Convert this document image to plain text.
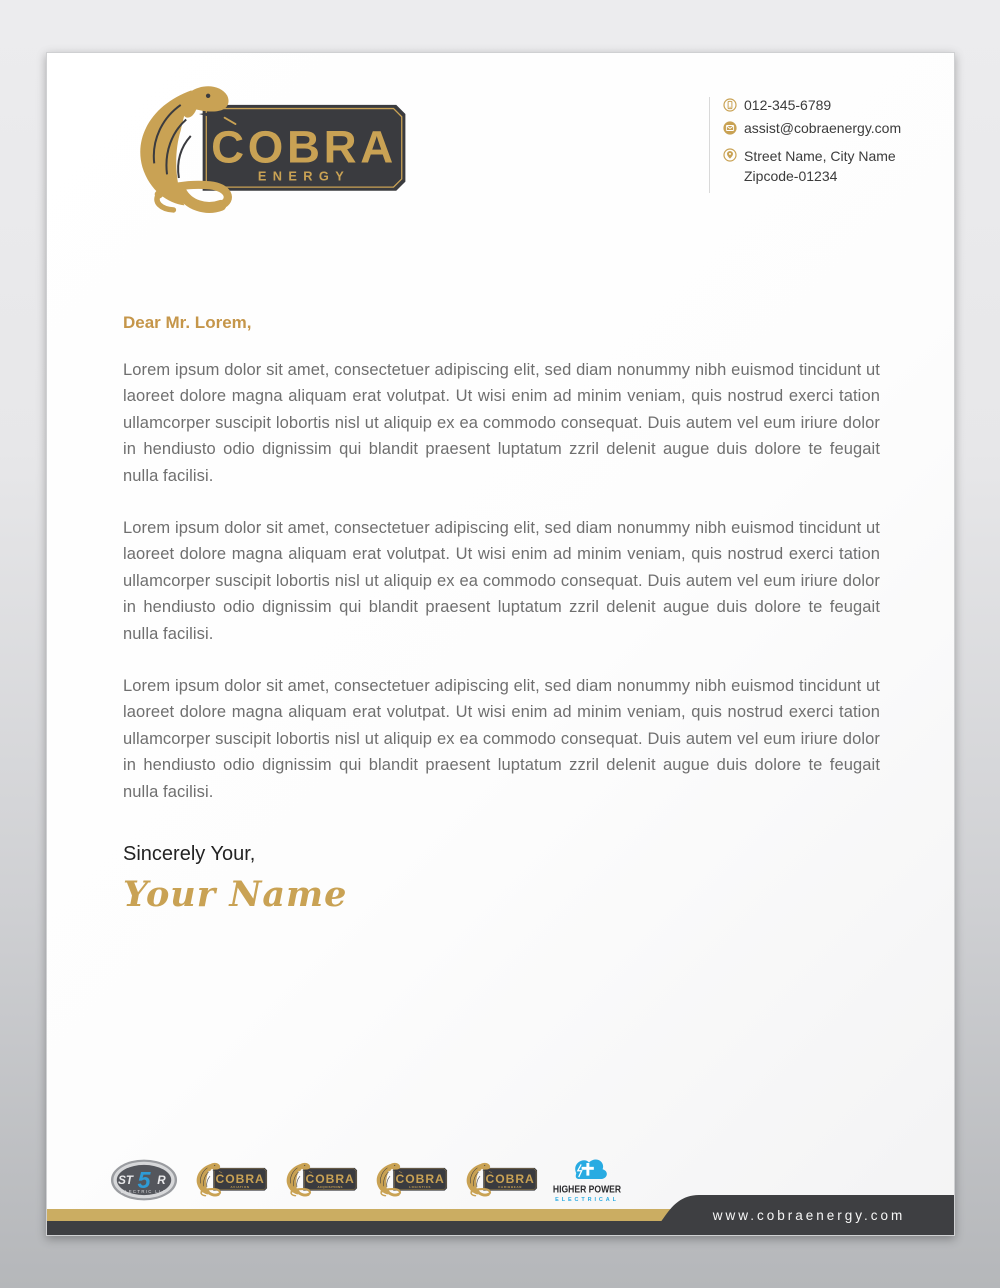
ENERGY
012-345-6789
assist@cobraenergy.com
Street Name, City Name
Zipcode-01234

Dear Mr. Lorem,

Lorem ipsum dolor sit amet, consectetuer adipiscing elit, sed diam nonummy nibh euismod tincidunt ut laoreet dolore magna aliquam erat volutpat. Ut wisi enim ad minim veniam, quis nostrud exerci tation ullamcorper suscipit lobortis nisl ut aliquip ex ea commodo consequat. Duis autem vel eum iriure dolor in hendiusto odio dignissim qui blandit praesent luptatum zzril delenit augue duis dolore te feugait nulla facilisi.

Lorem ipsum dolor sit amet, consectetuer adipiscing elit, sed diam nonummy nibh euismod tincidunt ut laoreet dolore magna aliquam erat volutpat. Ut wisi enim ad minim veniam, quis nostrud exerci tation ullamcorper suscipit lobortis nisl ut aliquip ex ea commodo consequat. Duis autem vel eum iriure dolor in hendiusto odio dignissim qui blandit praesent luptatum zzril delenit augue duis dolore te feugait nulla facilisi.

Lorem ipsum dolor sit amet, consectetuer adipiscing elit, sed diam nonummy nibh euismod tincidunt ut laoreet dolore magna aliquam erat volutpat. Ut wisi enim ad minim veniam, quis nostrud exerci tation ullamcorper suscipit lobortis nisl ut aliquip ex ea commodo consequat. Duis autem vel eum iriure dolor in hendiusto odio dignissim qui blandit praesent luptatum zzril delenit augue duis dolore te feugait nulla facilisi.

Sincerely Your,
Your Name
ST 5 R
ELECTRIC LLC
AVIATION	ACQUISITIONS	LOGISTICS	CARIBBEAN	HIGHER POWER
ELECTRICAL
www.cobraenergy.com
